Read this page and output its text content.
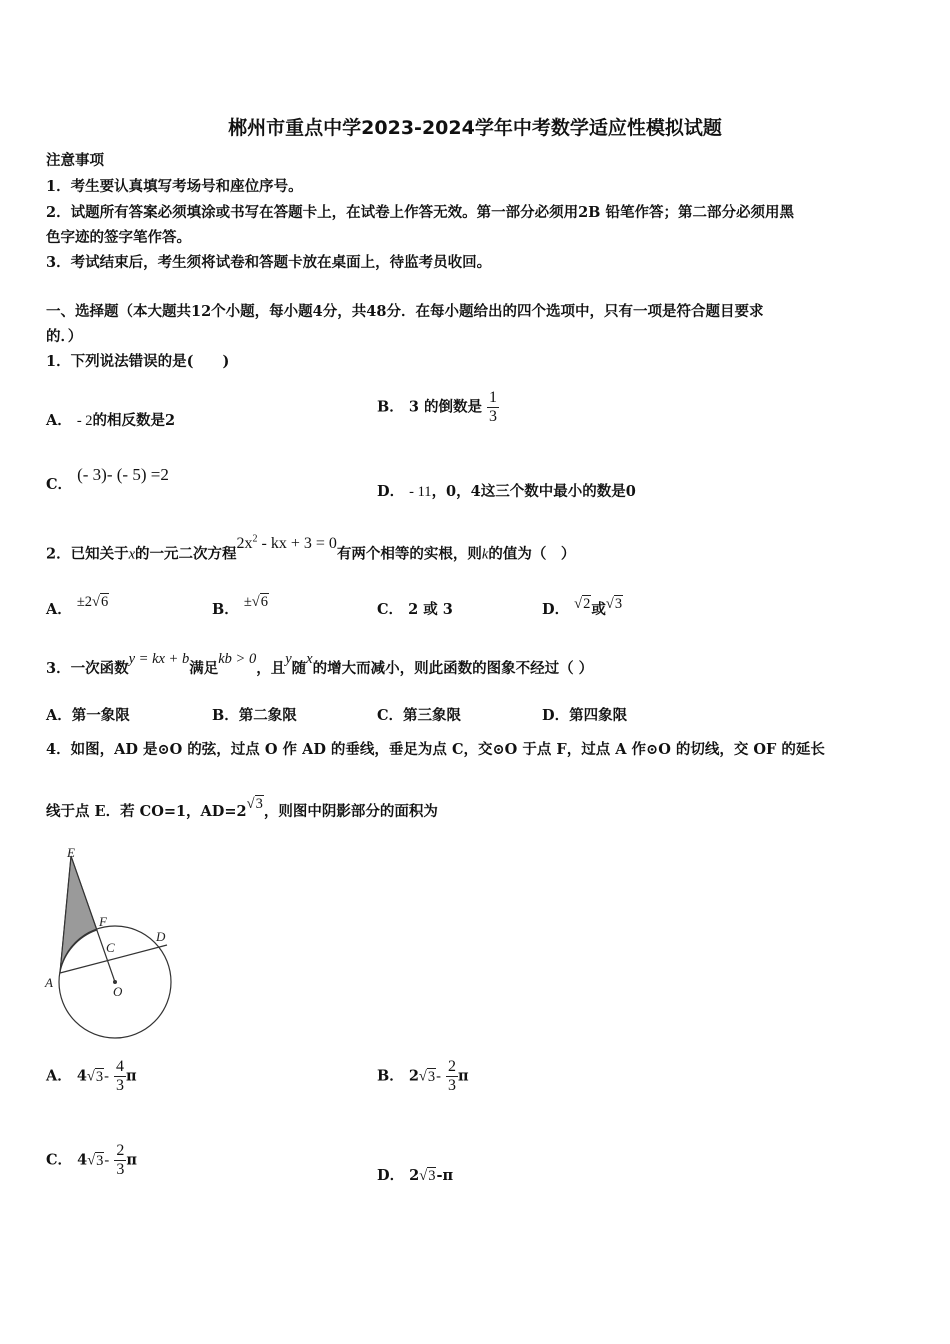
郴州市重点中学2023-2024学年中考数学适应性模拟试题
注意事项
1．考生要认真填写考场号和座位序号。
2．试题所有答案必须填涂或书写在答题卡上，在试卷上作答无效。第一部分必须用2B 铅笔作答；第二部分必须用黑
色字迹的签字笔作答。
3．考试结束后，考生须将试卷和答题卡放在桌面上，待监考员收回。
一、选择题（本大题共12个小题，每小题4分，共48分．在每小题给出的四个选项中，只有一项是符合题目要求
的．）
1．下列说法错误的是(　　)
A． - 2的相反数是2
B． 3 的倒数是 $\frac{1}{3}$
C． (- 3)- (- 5) =2
D． - 11，0，4这三个数中最小的数是0
2．已知关于x的一元二次方程$2x^2$ - kx + 3 = 0有两个相等的实根，则k的值为（　）
A． ±2√6	B． ±√6	C． 2 或 3	D． √2或√3
3．一次函数y = kx + b满足kb > 0，且y随x的增大而减小，则此函数的图象不经过（ ）
A．第一象限	B．第二象限	C．第三象限	D．第四象限
4．如图，AD 是⊙O 的弦，过点 O 作 AD 的垂线，垂足为点 C，交⊙O 于点 F，过点 A 作⊙O 的切线，交 OF 的延长
线于点 E．若 CO=1，AD=2√3，则图中阴影部分的面积为
E
F
C
D
A
O
A． $4√3- \frac{4}{3}$ π	B． $2√3- \frac{2}{3}$ π
C． $4√3- \frac{2}{3}$ π
D． 2√3-π
